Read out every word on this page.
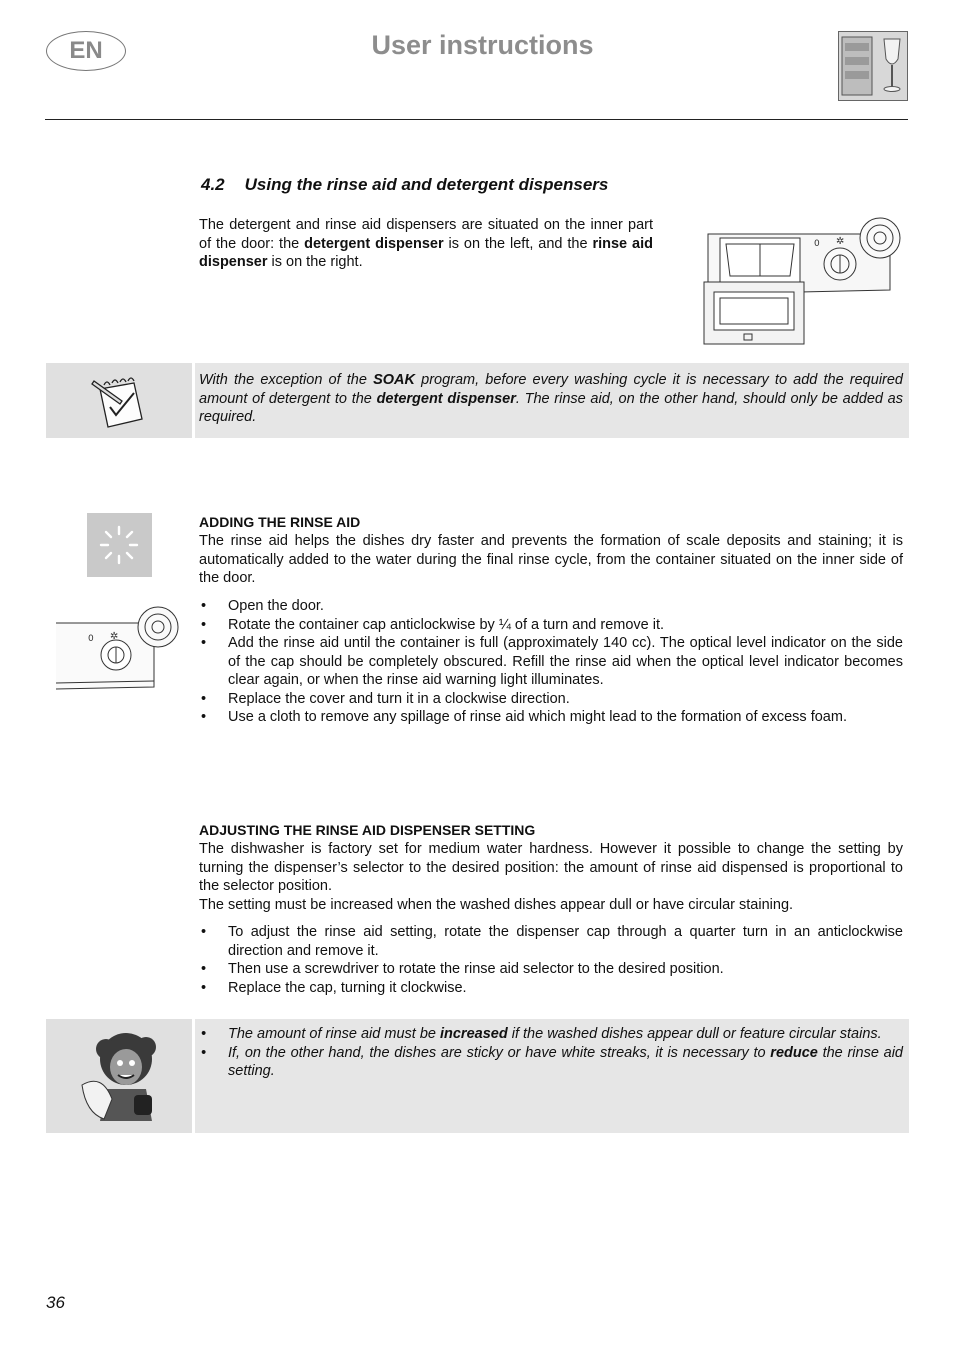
EN	User instructions
4.2 Using the rinse aid and detergent dispensers
The detergent and rinse aid dispensers are situated on the inner part of the door: the detergent dispenser is on the left, and the rinse aid dispenser is on the right.
0 ✲
With the exception of the SOAK program, before every washing cycle it is necessary to add the required amount of detergent to the detergent dispenser. The rinse aid, on the other hand, should only be added as required.
ADDING THE RINSE AID
The rinse aid helps the dishes dry faster and prevents the formation of scale deposits and staining; it is automatically added to the water during the final rinse cycle, from the container situated on the inner side of the door.
0 ✲
• Open the door.
• Rotate the container cap anticlockwise by ¼ of a turn and remove it.
• Add the rinse aid until the container is full (approximately 140 cc). The optical level indicator on the side of the cap should be completely obscured. Refill the rinse aid when the optical level indicator becomes clear again, or when the rinse aid warning light illuminates.
• Replace the cover and turn it in a clockwise direction.
• Use a cloth to remove any spillage of rinse aid which might lead to the formation of excess foam.
ADJUSTING THE RINSE AID DISPENSER SETTING
The dishwasher is factory set for medium water hardness. However it possible to change the setting by turning the dispenser’s selector to the desired position: the amount of rinse aid dispensed is proportional to the selector position.
The setting must be increased when the washed dishes appear dull or have circular staining.
• To adjust the rinse aid setting, rotate the dispenser cap through a quarter turn in an anticlockwise direction and remove it.
• Then use a screwdriver to rotate the rinse aid selector to the desired position.
• Replace the cap, turning it clockwise.
• The amount of rinse aid must be increased if the washed dishes appear dull or feature circular stains.
• If, on the other hand, the dishes are sticky or have white streaks, it is necessary to reduce the rinse aid setting.
36
